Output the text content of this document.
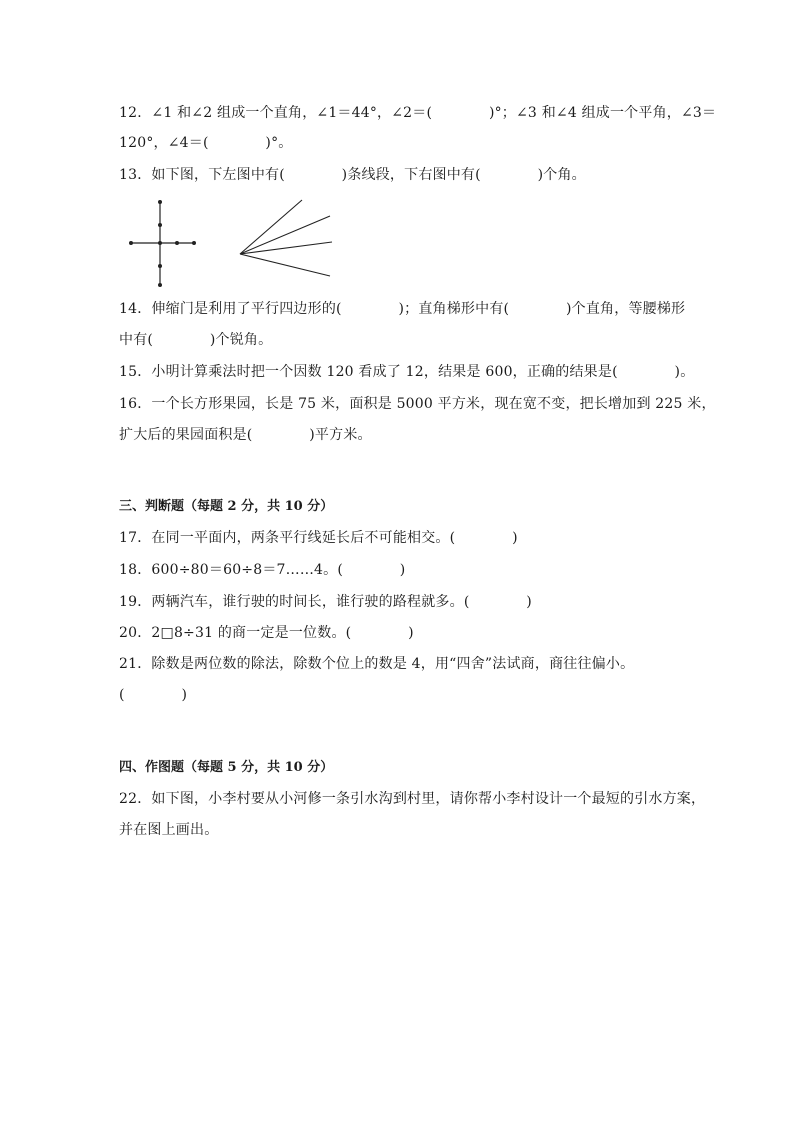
12．∠1 和∠2 组成一个直角，∠1＝44°，∠2＝(　　　　)°；∠3 和∠4 组成一个平角，∠3＝
120°，∠4＝(　　　　)°。
13．如下图，下左图中有(　　　　)条线段，下右图中有(　　　　)个角。
14．伸缩门是利用了平行四边形的(　　　　)；直角梯形中有(　　　　)个直角，等腰梯形
中有(　　　　)个锐角。
15．小明计算乘法时把一个因数 120 看成了 12，结果是 600，正确的结果是(　　　　)。
16．一个长方形果园，长是 75 米，面积是 5000 平方米，现在宽不变，把长增加到 225 米，
扩大后的果园面积是(　　　　)平方米。
三、判断题（每题 2 分，共 10 分）
17．在同一平面内，两条平行线延长后不可能相交。(　　　　)
18．600÷80＝60÷8＝7……4。(　　　　)
19．两辆汽车，谁行驶的时间长，谁行驶的路程就多。(　　　　)
20．2□8÷31 的商一定是一位数。(　　　　)
21．除数是两位数的除法，除数个位上的数是 4，用“四舍”法试商，商往往偏小。
(　　　　)
四、作图题（每题 5 分，共 10 分）
22．如下图，小李村要从小河修一条引水沟到村里，请你帮小李村设计一个最短的引水方案，
并在图上画出。
